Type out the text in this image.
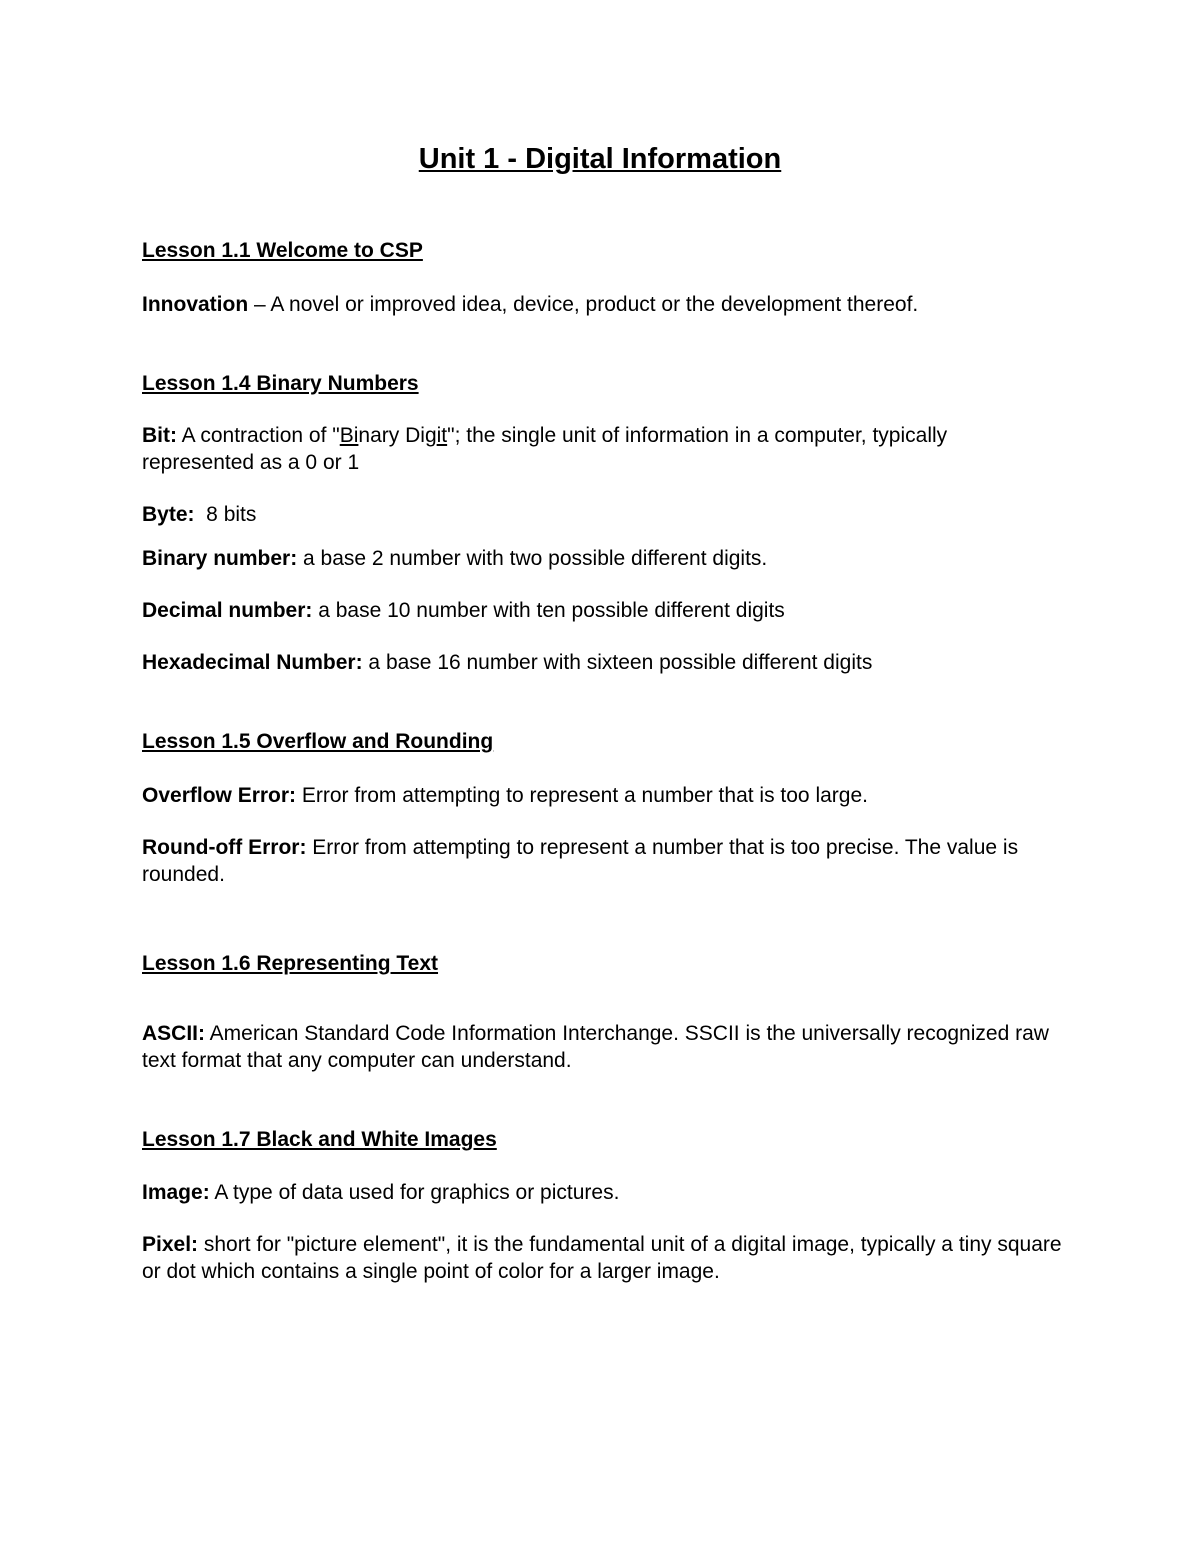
Unit 1 - Digital Information

Lesson 1.1 Welcome to CSP

Innovation – A novel or improved idea, device, product or the development thereof.

Lesson 1.4 Binary Numbers

Bit: A contraction of "Binary Digit"; the single unit of information in a computer, typically represented as a 0 or 1

Byte:  8 bits

Binary number: a base 2 number with two possible different digits.

Decimal number: a base 10 number with ten possible different digits

Hexadecimal Number: a base 16 number with sixteen possible different digits

Lesson 1.5 Overflow and Rounding

Overflow Error: Error from attempting to represent a number that is too large.

Round-off Error: Error from attempting to represent a number that is too precise. The value is rounded.

Lesson 1.6 Representing Text

ASCII: American Standard Code Information Interchange. SSCII is the universally recognized raw text format that any computer can understand.

Lesson 1.7 Black and White Images

Image: A type of data used for graphics or pictures.

Pixel: short for "picture element", it is the fundamental unit of a digital image, typically a tiny square or dot which contains a single point of color for a larger image.
